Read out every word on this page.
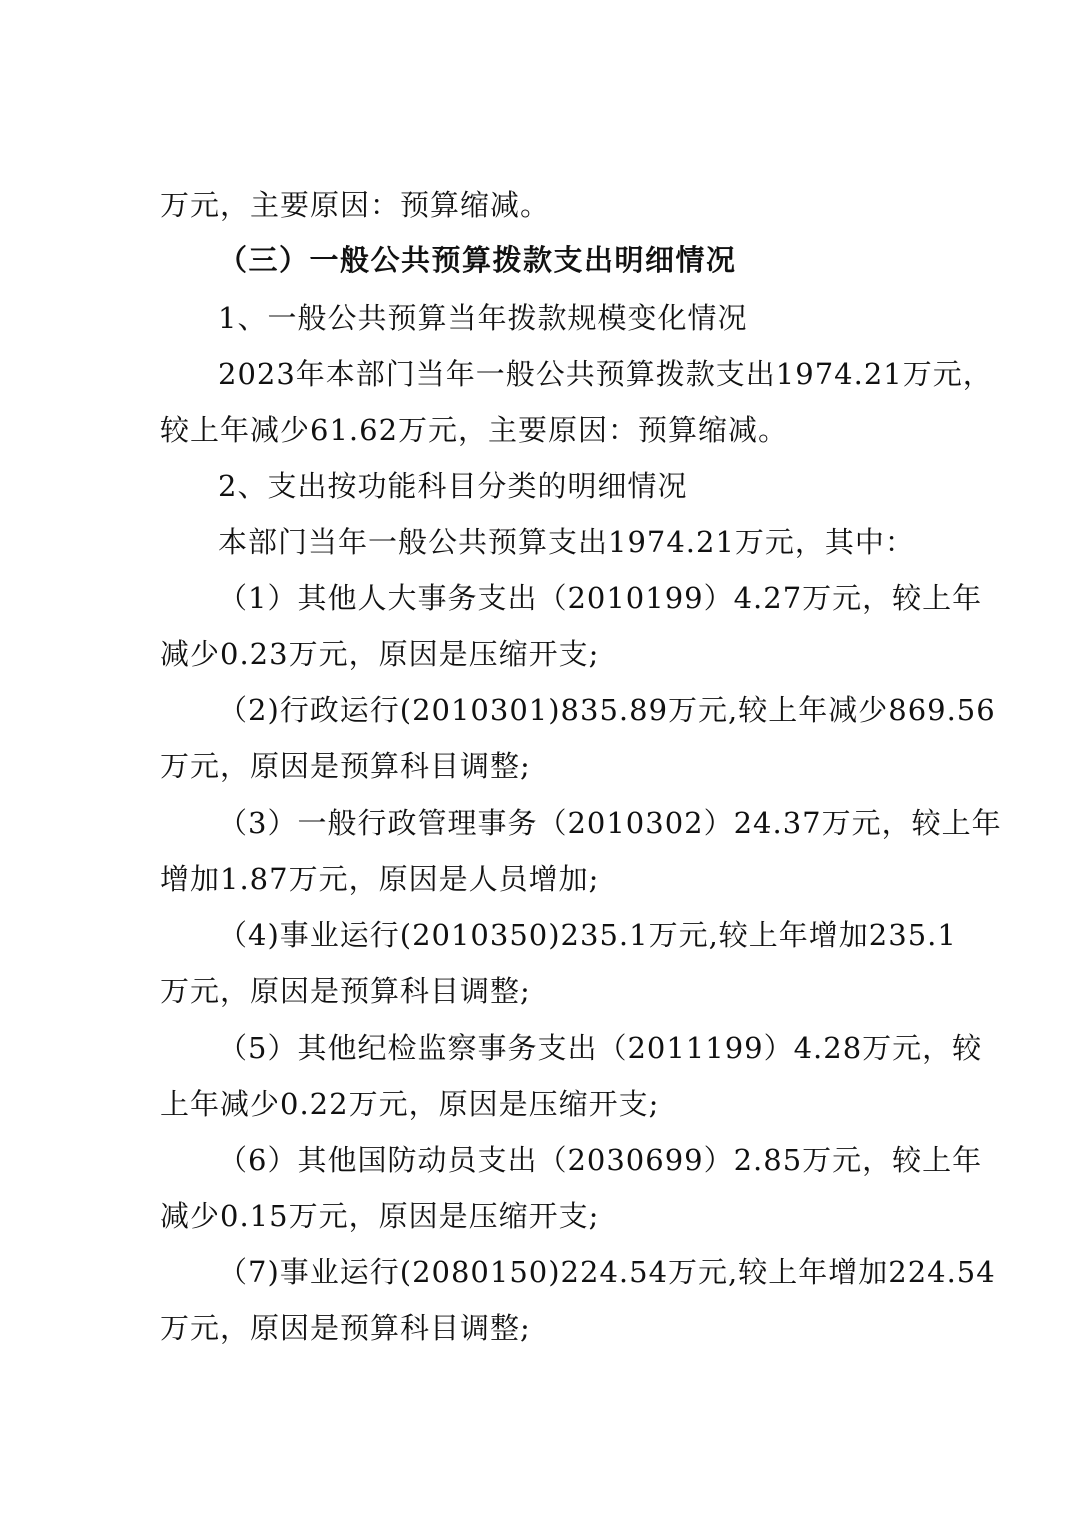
万元，主要原因：预算缩减。
（三）一般公共预算拨款支出明细情况
1、一般公共预算当年拨款规模变化情况
2023年本部门当年一般公共预算拨款支出1974.21万元，
较上年减少61.62万元，主要原因：预算缩减。
2、支出按功能科目分类的明细情况
本部门当年一般公共预算支出1974.21万元，其中：
（1）其他人大事务支出（2010199）4.27万元，较上年
减少0.23万元，原因是压缩开支;
（2)行政运行(2010301)835.89万元,较上年减少869.56
万元，原因是预算科目调整;
（3）一般行政管理事务（2010302）24.37万元，较上年
增加1.87万元，原因是人员增加;
（4)事业运行(2010350)235.1万元,较上年增加235.1
万元，原因是预算科目调整;
（5）其他纪检监察事务支出（2011199）4.28万元，较
上年减少0.22万元，原因是压缩开支;
（6）其他国防动员支出（2030699）2.85万元，较上年
减少0.15万元，原因是压缩开支;
（7)事业运行(2080150)224.54万元,较上年增加224.54
万元，原因是预算科目调整;
